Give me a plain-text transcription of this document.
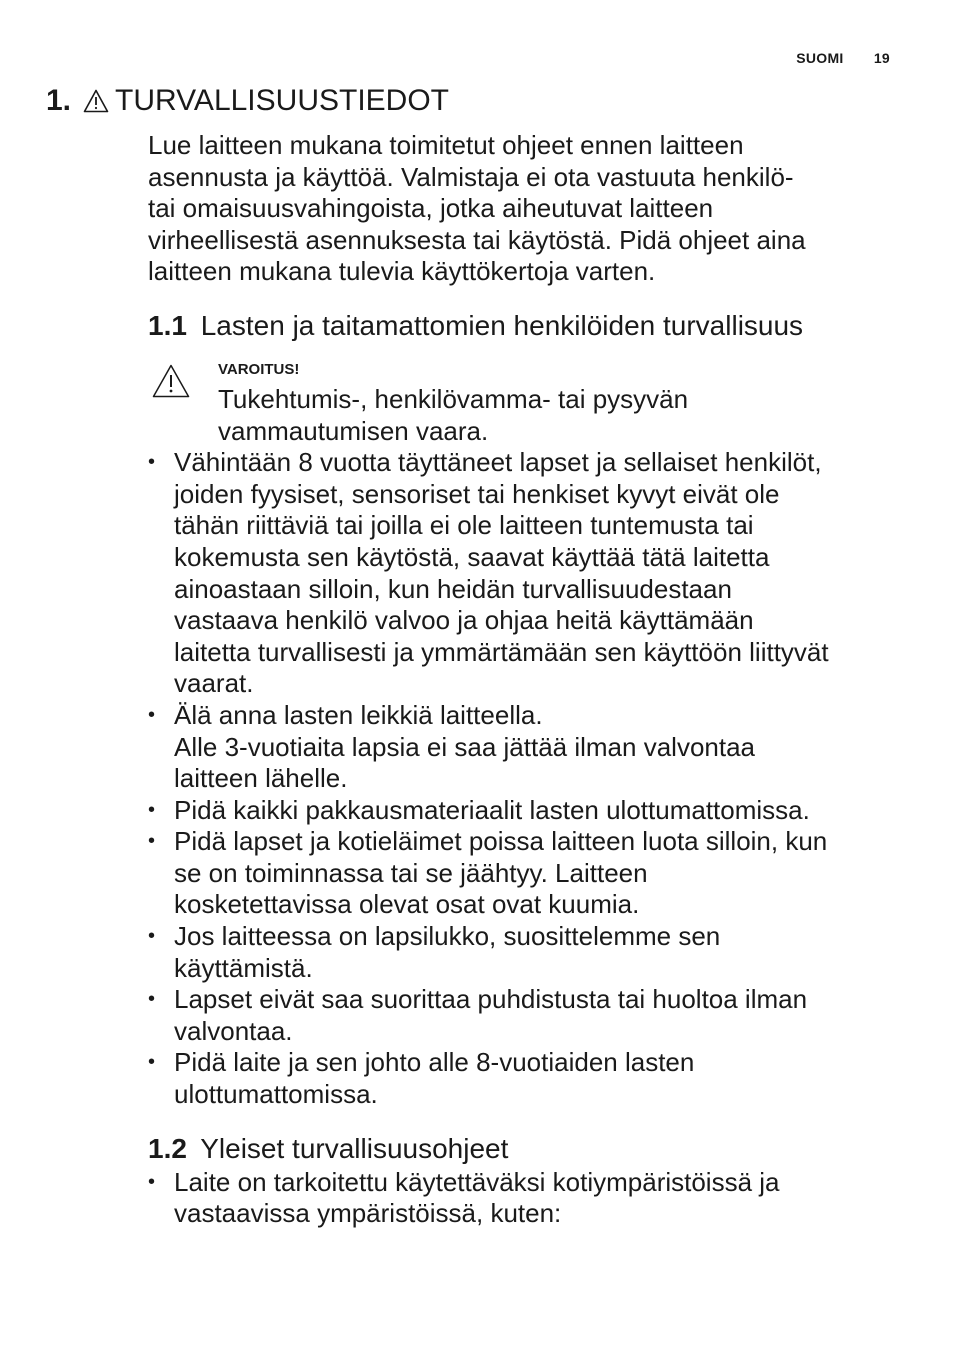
SUOMI 19
1. TURVALLISUUSTIEDOT

Lue laitteen mukana toimitetut ohjeet ennen laitteen
asennusta ja käyttöä. Valmistaja ei ota vastuuta henkilö-
tai omaisuusvahingoista, jotka aiheutuvat laitteen
virheellisestä asennuksesta tai käytöstä. Pidä ohjeet aina
laitteen mukana tulevia käyttökertoja varten.

1.1 Lasten ja taitamattomien henkilöiden turvallisuus
VAROITUS!
Tukehtumis-, henkilövamma- tai pysyvän
vammautumisen vaara.
• Vähintään 8 vuotta täyttäneet lapset ja sellaiset henkilöt,
joiden fyysiset, sensoriset tai henkiset kyvyt eivät ole
tähän riittäviä tai joilla ei ole laitteen tuntemusta tai
kokemusta sen käytöstä, saavat käyttää tätä laitetta
ainoastaan silloin, kun heidän turvallisuudestaan
vastaava henkilö valvoo ja ohjaa heitä käyttämään
laitetta turvallisesti ja ymmärtämään sen käyttöön liittyvät
vaarat.
• Älä anna lasten leikkiä laitteella.
Alle 3-vuotiaita lapsia ei saa jättää ilman valvontaa
laitteen lähelle.
• Pidä kaikki pakkausmateriaalit lasten ulottumattomissa.
• Pidä lapset ja kotieläimet poissa laitteen luota silloin, kun
se on toiminnassa tai se jäähtyy. Laitteen
kosketettavissa olevat osat ovat kuumia.
• Jos laitteessa on lapsilukko, suosittelemme sen
käyttämistä.
• Lapset eivät saa suorittaa puhdistusta tai huoltoa ilman
valvontaa.
• Pidä laite ja sen johto alle 8-vuotiaiden lasten
ulottumattomissa.
1.2 Yleiset turvallisuusohjeet
• Laite on tarkoitettu käytettäväksi kotiympäristöissä ja
vastaavissa ympäristöissä, kuten:
